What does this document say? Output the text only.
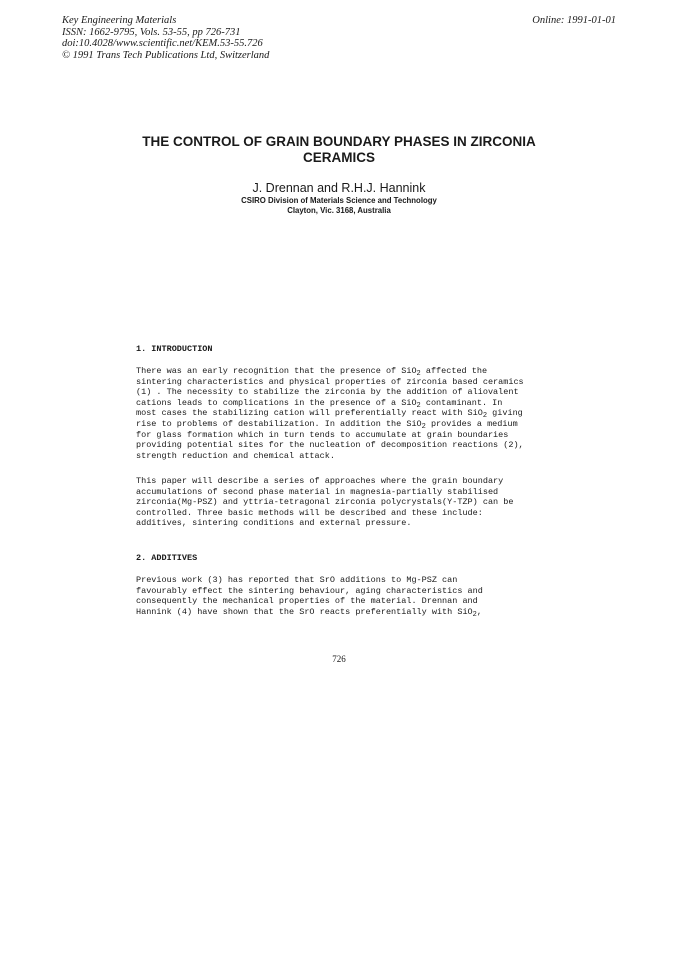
Key Engineering Materials
ISSN: 1662-9795, Vols. 53-55, pp 726-731
doi:10.4028/www.scientific.net/KEM.53-55.726
© 1991 Trans Tech Publications Ltd, Switzerland
Online: 1991-01-01
THE CONTROL OF GRAIN BOUNDARY PHASES IN ZIRCONIA
CERAMICS
J. Drennan and R.H.J. Hannink
CSIRO Division of Materials Science and Technology
Clayton, Vic. 3168, Australia
1. INTRODUCTION
There was an early recognition that the presence of SiO$_2$ affected the
sintering characteristics and physical properties of zirconia based ceramics
(1) . The necessity to stabilize the zirconia by the addition of aliovalent
cations leads to complications in the presence of a SiO$_2$ contaminant. In
most cases the stabilizing cation will preferentially react with SiO$_2$ giving
rise to problems of destabilization. In addition the SiO$_2$ provides a medium
for glass formation which in turn tends to accumulate at grain boundaries
providing potential sites for the nucleation of decomposition reactions (2),
strength reduction and chemical attack.
This paper will describe a series of approaches where the grain boundary
accumulations of second phase material in magnesia-partially stabilised
zirconia(Mg-PSZ) and yttria-tetragonal zirconia polycrystals(Y-TZP) can be
controlled. Three basic methods will be described and these include:
additives, sintering conditions and external pressure.
2. ADDITIVES
Previous work (3) has reported that SrO additions to Mg-PSZ can
favourably effect the sintering behaviour, aging characteristics and
consequently the mechanical properties of the material. Drennan and
Hannink (4) have shown that the SrO reacts preferentially with SiO$_2$,
726
